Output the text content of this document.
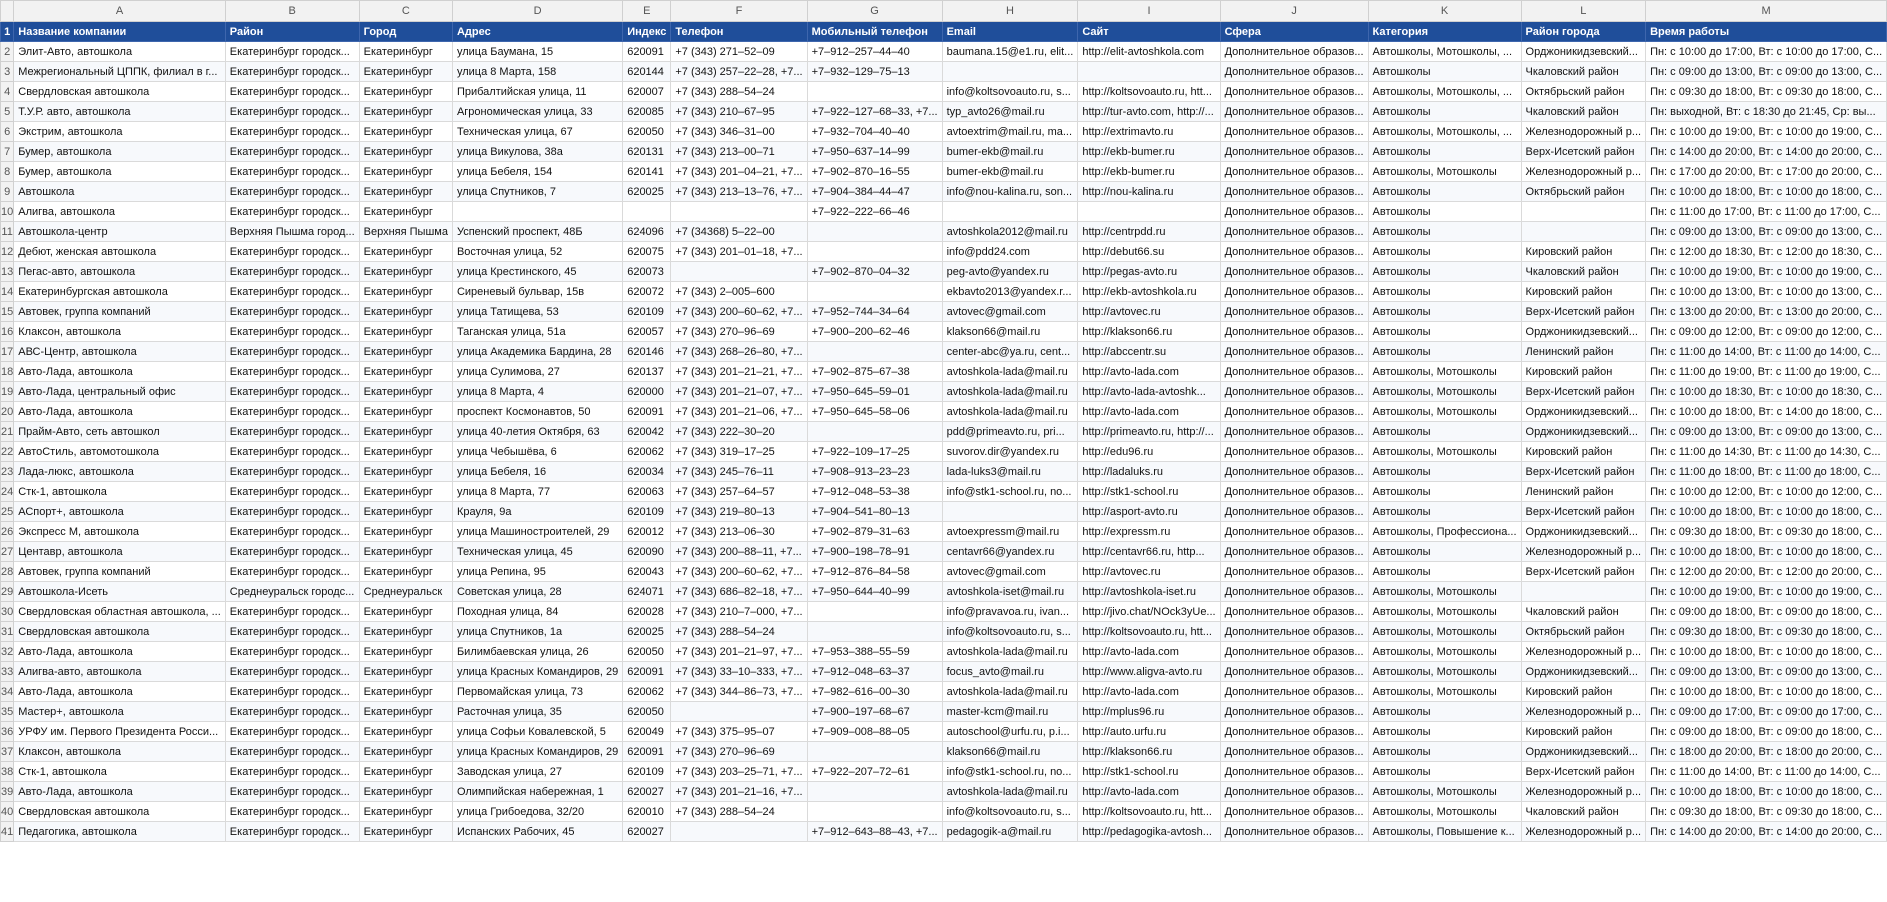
	A	B	C	D	E	F	G	H	I	J	K	L	M
1	Название компании	Район	Город	Адрес	Индекс	Телефон	Мобильный телефон	Email	Сайт	Сфера	Категория	Район города	Время работы
2	Элит-Авто, автошкола	Екатеринбург городск...	Екатеринбург	улица Баумана, 15	620091	+7 (343) 271–52–09	+7–912–257–44–40	baumana.15@e1.ru, elit...	http://elit-avtoshkola.com	Дополнительное образов...	Автошколы, Мотошколы, ...	Орджоникидзевский...	Пн: с 10:00 до 17:00, Вт: с 10:00 до 17:00, С...
3	Межрегиональный ЦППК, филиал в г...	Екатеринбург городск...	Екатеринбург	улица 8 Марта, 158	620144	+7 (343) 257–22–28, +7...	+7–932–129–75–13			Дополнительное образов...	Автошколы	Чкаловский район	Пн: с 09:00 до 13:00, Вт: с 09:00 до 13:00, С...
4	Свердловская автошкола	Екатеринбург городск...	Екатеринбург	Прибалтийская улица, 11	620007	+7 (343) 288–54–24		info@koltsovoauto.ru, s...	http://koltsovoauto.ru, htt...	Дополнительное образов...	Автошколы, Мотошколы, ...	Октябрьский район	Пн: с 09:30 до 18:00, Вт: с 09:30 до 18:00, С...
5	Т.У.Р. авто, автошкола	Екатеринбург городск...	Екатеринбург	Агрономическая улица, 33	620085	+7 (343) 210–67–95	+7–922–127–68–33, +7...	typ_avto26@mail.ru	http://tur-avto.com, http://...	Дополнительное образов...	Автошколы	Чкаловский район	Пн: выходной, Вт: с 18:30 до 21:45, Ср: вы...
6	Экстрим, автошкола	Екатеринбург городск...	Екатеринбург	Техническая улица, 67	620050	+7 (343) 346–31–00	+7–932–704–40–40	avtoextrim@mail.ru, ma...	http://extrimavto.ru	Дополнительное образов...	Автошколы, Мотошколы, ...	Железнодорожный р...	Пн: с 10:00 до 19:00, Вт: с 10:00 до 19:00, С...
7	Бумер, автошкола	Екатеринбург городск...	Екатеринбург	улица Викулова, 38а	620131	+7 (343) 213–00–71	+7–950–637–14–99	bumer-ekb@mail.ru	http://ekb-bumer.ru	Дополнительное образов...	Автошколы	Верх-Исетский район	Пн: с 14:00 до 20:00, Вт: с 14:00 до 20:00, С...
8	Бумер, автошкола	Екатеринбург городск...	Екатеринбург	улица Бебеля, 154	620141	+7 (343) 201–04–21, +7...	+7–902–870–16–55	bumer-ekb@mail.ru	http://ekb-bumer.ru	Дополнительное образов...	Автошколы, Мотошколы	Железнодорожный р...	Пн: с 17:00 до 20:00, Вт: с 17:00 до 20:00, С...
9	Автошкола	Екатеринбург городск...	Екатеринбург	улица Спутников, 7	620025	+7 (343) 213–13–76, +7...	+7–904–384–44–47	info@nou-kalina.ru, son...	http://nou-kalina.ru	Дополнительное образов...	Автошколы	Октябрьский район	Пн: с 10:00 до 18:00, Вт: с 10:00 до 18:00, С...
10	Алигва, автошкола	Екатеринбург городск...	Екатеринбург				+7–922–222–66–46			Дополнительное образов...	Автошколы		Пн: с 11:00 до 17:00, Вт: с 11:00 до 17:00, С...
11	Автошкола-центр	Верхняя Пышма город...	Верхняя Пышма	Успенский проспект, 48Б	624096	+7 (34368) 5–22–00		avtoshkola2012@mail.ru	http://centrpdd.ru	Дополнительное образов...	Автошколы		Пн: с 09:00 до 13:00, Вт: с 09:00 до 13:00, С...
12	Дебют, женская автошкола	Екатеринбург городск...	Екатеринбург	Восточная улица, 52	620075	+7 (343) 201–01–18, +7...		info@pdd24.com	http://debut66.su	Дополнительное образов...	Автошколы	Кировский район	Пн: с 12:00 до 18:30, Вт: с 12:00 до 18:30, С...
13	Пегас-авто, автошкола	Екатеринбург городск...	Екатеринбург	улица Крестинского, 45	620073		+7–902–870–04–32	peg-avto@yandex.ru	http://pegas-avto.ru	Дополнительное образов...	Автошколы	Чкаловский район	Пн: с 10:00 до 19:00, Вт: с 10:00 до 19:00, С...
14	Екатеринбургская автошкола	Екатеринбург городск...	Екатеринбург	Сиреневый бульвар, 15в	620072	+7 (343) 2–005–600		ekbavto2013@yandex.r...	http://ekb-avtoshkola.ru	Дополнительное образов...	Автошколы	Кировский район	Пн: с 10:00 до 13:00, Вт: с 10:00 до 13:00, С...
15	Автовек, группа компаний	Екатеринбург городск...	Екатеринбург	улица Татищева, 53	620109	+7 (343) 200–60–62, +7...	+7–952–744–34–64	avtovec@gmail.com	http://avtovec.ru	Дополнительное образов...	Автошколы	Верх-Исетский район	Пн: с 13:00 до 20:00, Вт: с 13:00 до 20:00, С...
16	Клаксон, автошкола	Екатеринбург городск...	Екатеринбург	Таганская улица, 51а	620057	+7 (343) 270–96–69	+7–900–200–62–46	klakson66@mail.ru	http://klakson66.ru	Дополнительное образов...	Автошколы	Орджоникидзевский...	Пн: с 09:00 до 12:00, Вт: с 09:00 до 12:00, С...
17	АВС-Центр, автошкола	Екатеринбург городск...	Екатеринбург	улица Академика Бардина, 28	620146	+7 (343) 268–26–80, +7...		center-abc@ya.ru, cent...	http://abccentr.su	Дополнительное образов...	Автошколы	Ленинский район	Пн: с 11:00 до 14:00, Вт: с 11:00 до 14:00, С...
18	Авто-Лада, автошкола	Екатеринбург городск...	Екатеринбург	улица Сулимова, 27	620137	+7 (343) 201–21–21, +7...	+7–902–875–67–38	avtoshkola-lada@mail.ru	http://avto-lada.com	Дополнительное образов...	Автошколы, Мотошколы	Кировский район	Пн: с 11:00 до 19:00, Вт: с 11:00 до 19:00, С...
19	Авто-Лада, центральный офис	Екатеринбург городск...	Екатеринбург	улица 8 Марта, 4	620000	+7 (343) 201–21–07, +7...	+7–950–645–59–01	avtoshkola-lada@mail.ru	http://avto-lada-avtoshk...	Дополнительное образов...	Автошколы, Мотошколы	Верх-Исетский район	Пн: с 10:00 до 18:30, Вт: с 10:00 до 18:30, С...
20	Авто-Лада, автошкола	Екатеринбург городск...	Екатеринбург	проспект Космонавтов, 50	620091	+7 (343) 201–21–06, +7...	+7–950–645–58–06	avtoshkola-lada@mail.ru	http://avto-lada.com	Дополнительное образов...	Автошколы, Мотошколы	Орджоникидзевский...	Пн: с 10:00 до 18:00, Вт: с 14:00 до 18:00, С...
21	Прайм-Авто, сеть автошкол	Екатеринбург городск...	Екатеринбург	улица 40-летия Октября, 63	620042	+7 (343) 222–30–20		pdd@primeavto.ru, pri...	http://primeavto.ru, http://...	Дополнительное образов...	Автошколы	Орджоникидзевский...	Пн: с 09:00 до 13:00, Вт: с 09:00 до 13:00, С...
22	АвтоСтиль, автомотошкола	Екатеринбург городск...	Екатеринбург	улица Чебышёва, 6	620062	+7 (343) 319–17–25	+7–922–109–17–25	suvorov.dir@yandex.ru	http://edu96.ru	Дополнительное образов...	Автошколы, Мотошколы	Кировский район	Пн: с 11:00 до 14:30, Вт: с 11:00 до 14:30, С...
23	Лада-люкс, автошкола	Екатеринбург городск...	Екатеринбург	улица Бебеля, 16	620034	+7 (343) 245–76–11	+7–908–913–23–23	lada-luks3@mail.ru	http://ladaluks.ru	Дополнительное образов...	Автошколы	Верх-Исетский район	Пн: с 11:00 до 18:00, Вт: с 11:00 до 18:00, С...
24	Стк-1, автошкола	Екатеринбург городск...	Екатеринбург	улица 8 Марта, 77	620063	+7 (343) 257–64–57	+7–912–048–53–38	info@stk1-school.ru, no...	http://stk1-school.ru	Дополнительное образов...	Автошколы	Ленинский район	Пн: с 10:00 до 12:00, Вт: с 10:00 до 12:00, С...
25	АСпорт+, автошкола	Екатеринбург городск...	Екатеринбург	Крауля, 9а	620109	+7 (343) 219–80–13	+7–904–541–80–13		http://asport-avto.ru	Дополнительное образов...	Автошколы	Верх-Исетский район	Пн: с 10:00 до 18:00, Вт: с 10:00 до 18:00, С...
26	Экспресс М, автошкола	Екатеринбург городск...	Екатеринбург	улица Машиностроителей, 29	620012	+7 (343) 213–06–30	+7–902–879–31–63	avtoexpressm@mail.ru	http://expressm.ru	Дополнительное образов...	Автошколы, Профессиона...	Орджоникидзевский...	Пн: с 09:30 до 18:00, Вт: с 09:30 до 18:00, С...
27	Центавр, автошкола	Екатеринбург городск...	Екатеринбург	Техническая улица, 45	620090	+7 (343) 200–88–11, +7...	+7–900–198–78–91	centavr66@yandex.ru	http://centavr66.ru, http...	Дополнительное образов...	Автошколы	Железнодорожный р...	Пн: с 10:00 до 18:00, Вт: с 10:00 до 18:00, С...
28	Автовек, группа компаний	Екатеринбург городск...	Екатеринбург	улица Репина, 95	620043	+7 (343) 200–60–62, +7...	+7–912–876–84–58	avtovec@gmail.com	http://avtovec.ru	Дополнительное образов...	Автошколы	Верх-Исетский район	Пн: с 12:00 до 20:00, Вт: с 12:00 до 20:00, С...
29	Автошкола-Исеть	Среднеуральск городс...	Среднеуральск	Советская улица, 28	624071	+7 (343) 686–82–18, +7...	+7–950–644–40–99	avtoshkola-iset@mail.ru	http://avtoshkola-iset.ru	Дополнительное образов...	Автошколы, Мотошколы		Пн: с 10:00 до 19:00, Вт: с 10:00 до 19:00, С...
30	Свердловская областная автошкола, ...	Екатеринбург городск...	Екатеринбург	Походная улица, 84	620028	+7 (343) 210–7–000, +7...		info@pravavoa.ru, ivan...	http://jivo.chat/NOck3yUe...	Дополнительное образов...	Автошколы, Мотошколы	Чкаловский район	Пн: с 09:00 до 18:00, Вт: с 09:00 до 18:00, С...
31	Свердловская автошкола	Екатеринбург городск...	Екатеринбург	улица Спутников, 1а	620025	+7 (343) 288–54–24		info@koltsovoauto.ru, s...	http://koltsovoauto.ru, htt...	Дополнительное образов...	Автошколы, Мотошколы	Октябрьский район	Пн: с 09:30 до 18:00, Вт: с 09:30 до 18:00, С...
32	Авто-Лада, автошкола	Екатеринбург городск...	Екатеринбург	Билимбаевская улица, 26	620050	+7 (343) 201–21–97, +7...	+7–953–388–55–59	avtoshkola-lada@mail.ru	http://avto-lada.com	Дополнительное образов...	Автошколы, Мотошколы	Железнодорожный р...	Пн: с 10:00 до 18:00, Вт: с 10:00 до 18:00, С...
33	Алигва-авто, автошкола	Екатеринбург городск...	Екатеринбург	улица Красных Командиров, 29	620091	+7 (343) 33–10–333, +7...	+7–912–048–63–37	focus_avto@mail.ru	http://www.aligva-avto.ru	Дополнительное образов...	Автошколы, Мотошколы	Орджоникидзевский...	Пн: с 09:00 до 13:00, Вт: с 09:00 до 13:00, С...
34	Авто-Лада, автошкола	Екатеринбург городск...	Екатеринбург	Первомайская улица, 73	620062	+7 (343) 344–86–73, +7...	+7–982–616–00–30	avtoshkola-lada@mail.ru	http://avto-lada.com	Дополнительное образов...	Автошколы, Мотошколы	Кировский район	Пн: с 10:00 до 18:00, Вт: с 10:00 до 18:00, С...
35	Мастер+, автошкола	Екатеринбург городск...	Екатеринбург	Расточная улица, 35	620050		+7–900–197–68–67	master-kcm@mail.ru	http://mplus96.ru	Дополнительное образов...	Автошколы	Железнодорожный р...	Пн: с 09:00 до 17:00, Вт: с 09:00 до 17:00, С...
36	УРФУ им. Первого Президента Росси...	Екатеринбург городск...	Екатеринбург	улица Софьи Ковалевской, 5	620049	+7 (343) 375–95–07	+7–909–008–88–05	autoschool@urfu.ru, p.i...	http://auto.urfu.ru	Дополнительное образов...	Автошколы	Кировский район	Пн: с 09:00 до 18:00, Вт: с 09:00 до 18:00, С...
37	Клаксон, автошкола	Екатеринбург городск...	Екатеринбург	улица Красных Командиров, 29	620091	+7 (343) 270–96–69		klakson66@mail.ru	http://klakson66.ru	Дополнительное образов...	Автошколы	Орджоникидзевский...	Пн: с 18:00 до 20:00, Вт: с 18:00 до 20:00, С...
38	Стк-1, автошкола	Екатеринбург городск...	Екатеринбург	Заводская улица, 27	620109	+7 (343) 203–25–71, +7...	+7–922–207–72–61	info@stk1-school.ru, no...	http://stk1-school.ru	Дополнительное образов...	Автошколы	Верх-Исетский район	Пн: с 11:00 до 14:00, Вт: с 11:00 до 14:00, С...
39	Авто-Лада, автошкола	Екатеринбург городск...	Екатеринбург	Олимпийская набережная, 1	620027	+7 (343) 201–21–16, +7...		avtoshkola-lada@mail.ru	http://avto-lada.com	Дополнительное образов...	Автошколы, Мотошколы	Железнодорожный р...	Пн: с 10:00 до 18:00, Вт: с 10:00 до 18:00, С...
40	Свердловская автошкола	Екатеринбург городск...	Екатеринбург	улица Грибоедова, 32/20	620010	+7 (343) 288–54–24		info@koltsovoauto.ru, s...	http://koltsovoauto.ru, htt...	Дополнительное образов...	Автошколы, Мотошколы	Чкаловский район	Пн: с 09:30 до 18:00, Вт: с 09:30 до 18:00, С...
41	Педагогика, автошкола	Екатеринбург городск...	Екатеринбург	Испанских Рабочих, 45	620027		+7–912–643–88–43, +7...	pedagogik-a@mail.ru	http://pedagogika-avtosh...	Дополнительное образов...	Автошколы, Повышение к...	Железнодорожный р...	Пн: с 14:00 до 20:00, Вт: с 14:00 до 20:00, С...
